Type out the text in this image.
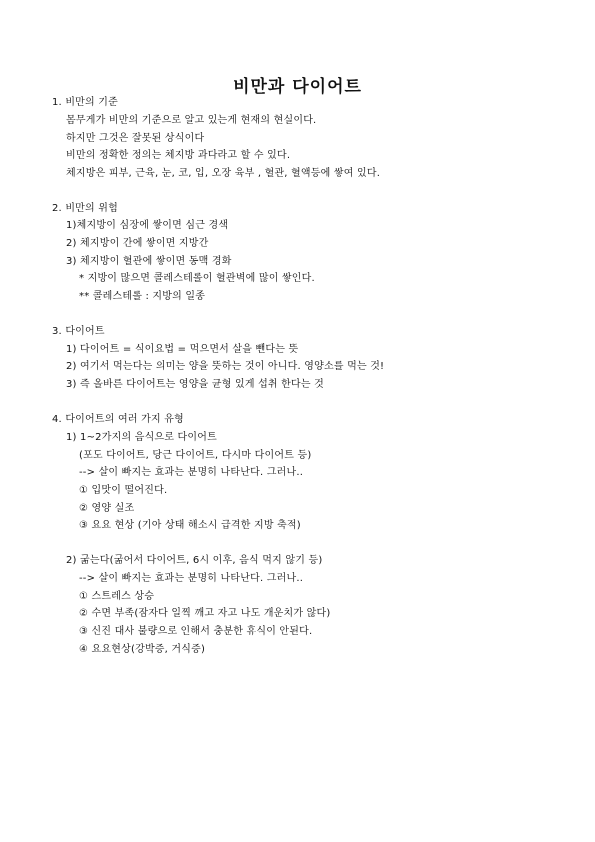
비만과 다이어트
1. 비만의 기준
몸무게가 비만의 기준으로 알고 있는게 현재의 현실이다.
하지만 그것은 잘못된 상식이다
비만의 정확한 정의는 체지방 과다라고 할 수 있다.
체지방은 피부, 근육, 눈, 코, 입, 오장 육부 , 혈관, 혈액등에 쌓여 있다.
2. 비만의 위험
1)체지방이 심장에 쌓이면 심근 경색
2) 체지방이 간에 쌓이면 지방간
3) 체지방이 혈관에 쌓이면 동맥 경화
* 지방이 많으면 콜레스테롤이 혈관벽에 많이 쌓인다.
** 콜레스테롤 : 지방의 일종
3. 다이어트
1) 다이어트 = 식이요법 = 먹으면서 살을 뺀다는 뜻
2) 여기서 먹는다는 의미는 양을 뜻하는 것이 아니다. 영양소를 먹는 것!
3) 즉 올바른 다이어트는 영양을 균형 있게 섭취 한다는 것
4. 다이어트의 여러 가지 유형
1) 1~2가지의 음식으로 다이어트
(포도 다이어트, 당근 다이어트, 다시마 다이어트 등)
--> 살이 빠지는 효과는 분명히 나타난다. 그러나..
① 입맛이 떨어진다.
② 영양 실조
③ 요요 현상 (기아 상태 해소시 급격한 지방 축적)
2) 굶는다(굶어서 다이어트, 6시 이후, 음식 먹지 않기 등)
--> 살이 빠지는 효과는 분명히 나타난다. 그러나..
① 스트레스 상승
② 수면 부족(잠자다 일찍 깨고 자고 나도 개운치가 않다)
③ 신진 대사 불량으로 인해서 충분한 휴식이 안된다.
④ 요요현상(강박증, 거식증)
